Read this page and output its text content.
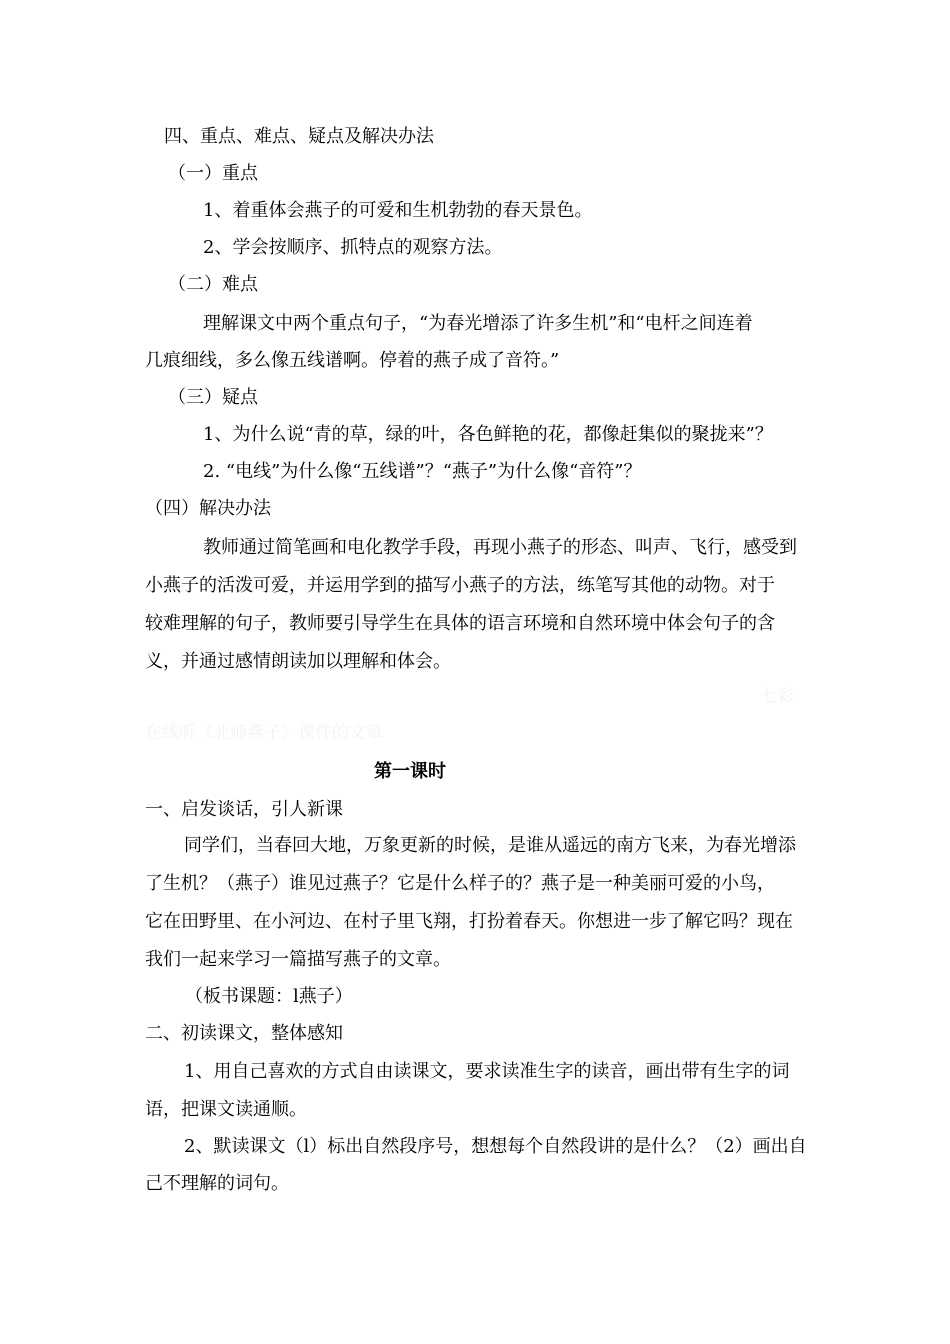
四、重点、难点、疑点及解决办法
（一）重点
1、着重体会燕子的可爱和生机勃勃的春天景色。
2、学会按顺序、抓特点的观察方法。
（二）难点
理解课文中两个重点句子，“为春光增添了许多生机”和“电杆之间连着
几痕细线，多么像五线谱啊。停着的燕子成了音符。”
（三）疑点
1、为什么说“青的草，绿的叶，各色鲜艳的花，都像赶集似的聚拢来”？
2. “电线”为什么像“五线谱”？“燕子”为什么像“音符”？
（四）解决办法
教师通过简笔画和电化教学手段，再现小燕子的形态、叫声、飞行，感受到
小燕子的活泼可爱，并运用学到的描写小燕子的方法，练笔写其他的动物。对于
较难理解的句子，教师要引导学生在具体的语言环境和自然环境中体会句子的含
义，并通过感情朗读加以理解和体会。
七彩
在线听《北师燕子》课件的文章
第一课时
一、启发谈话，引人新课
同学们，当春回大地，万象更新的时候，是谁从遥远的南方飞来，为春光增添
了生机？（燕子）谁见过燕子？它是什么样子的？燕子是一种美丽可爱的小鸟，
它在田野里、在小河边、在村子里飞翔，打扮着春天。你想进一步了解它吗？现在
我们一起来学习一篇描写燕子的文章。
（板书课题：l燕子）
二、初读课文，整体感知
1、用自己喜欢的方式自由读课文，要求读准生字的读音，画出带有生字的词
语，把课文读通顺。
2、默读课文（l）标出自然段序号，想想每个自然段讲的是什么？（2）画出自
己不理解的词句。
